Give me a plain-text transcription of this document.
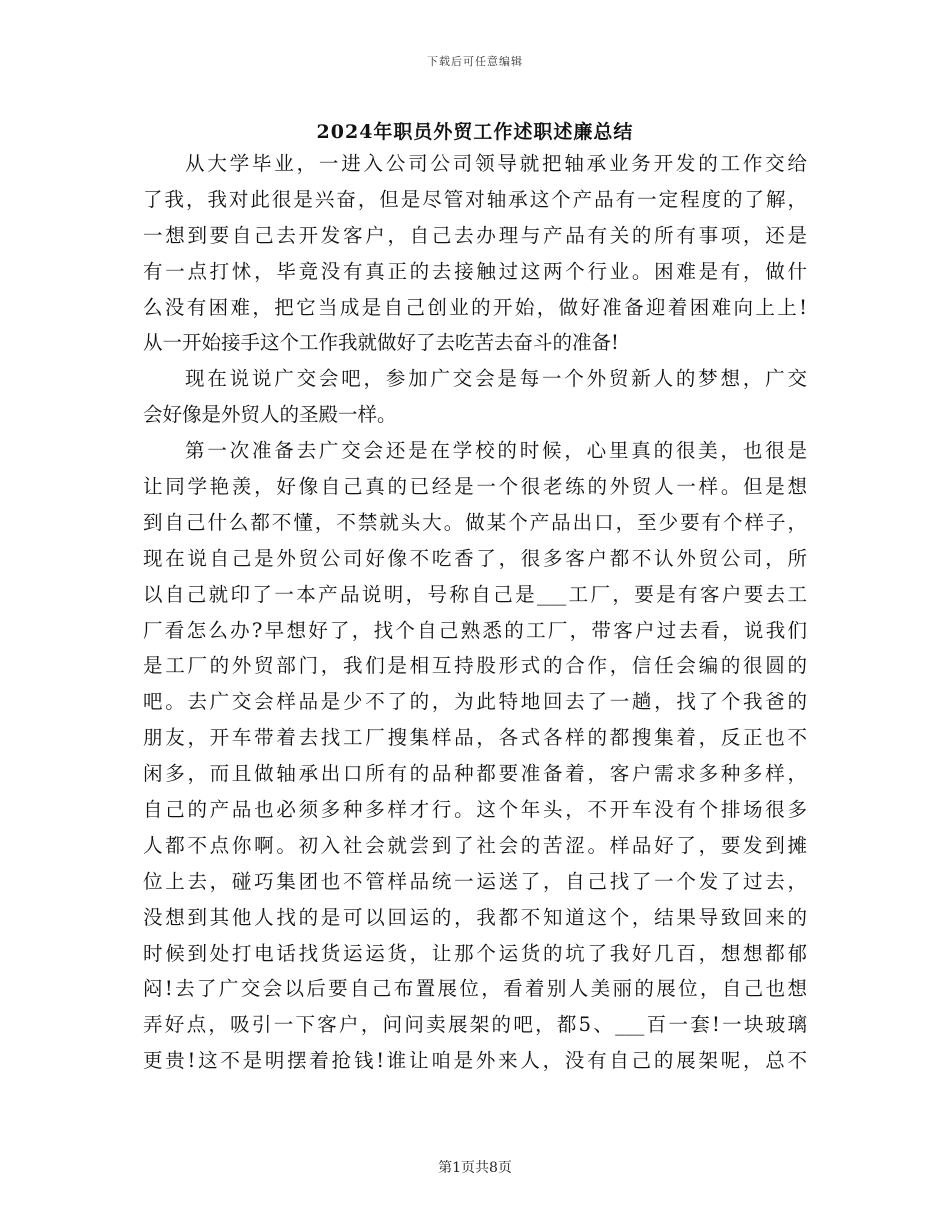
下载后可任意编辑
2024年职员外贸工作述职述廉总结
从大学毕业，一进入公司公司领导就把轴承业务开发的工作交给
了我，我对此很是兴奋，但是尽管对轴承这个产品有一定程度的了解，
一想到要自己去开发客户，自己去办理与产品有关的所有事项，还是
有一点打怵，毕竟没有真正的去接触过这两个行业。困难是有，做什
么没有困难，把它当成是自己创业的开始，做好准备迎着困难向上上!
从一开始接手这个工作我就做好了去吃苦去奋斗的准备!
现在说说广交会吧，参加广交会是每一个外贸新人的梦想，广交
会好像是外贸人的圣殿一样。
第一次准备去广交会还是在学校的时候，心里真的很美，也很是
让同学艳羡，好像自己真的已经是一个很老练的外贸人一样。但是想
到自己什么都不懂，不禁就头大。做某个产品出口，至少要有个样子，
现在说自己是外贸公司好像不吃香了，很多客户都不认外贸公司，所
以自己就印了一本产品说明，号称自己是___工厂，要是有客户要去工
厂看怎么办?早想好了，找个自己熟悉的工厂，带客户过去看，说我们
是工厂的外贸部门，我们是相互持股形式的合作，信任会编的很圆的
吧。去广交会样品是少不了的，为此特地回去了一趟，找了个我爸的
朋友，开车带着去找工厂搜集样品，各式各样的都搜集着，反正也不
闲多，而且做轴承出口所有的品种都要准备着，客户需求多种多样，
自己的产品也必须多种多样才行。这个年头，不开车没有个排场很多
人都不点你啊。初入社会就尝到了社会的苦涩。样品好了，要发到摊
位上去，碰巧集团也不管样品统一运送了，自己找了一个发了过去，
没想到其他人找的是可以回运的，我都不知道这个，结果导致回来的
时候到处打电话找货运运货，让那个运货的坑了我好几百，想想都郁
闷!去了广交会以后要自己布置展位，看着别人美丽的展位，自己也想
弄好点，吸引一下客户，问问卖展架的吧，都5、___百一套!一块玻璃
更贵!这不是明摆着抢钱!谁让咱是外来人，没有自己的展架呢，总不
第1页共8页
